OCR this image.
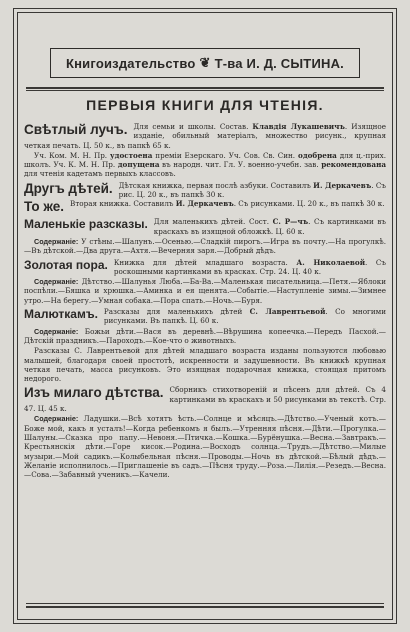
Книгоиздательство ❦ Т-ва И. Д. СЫТИНА.
ПЕРВЫЯ КНИГИ ДЛЯ ЧТЕНІЯ.
Свѣтлый лучъ. Для семьи и школы. Состав. Клавдія Лукашевичъ. Изящное изданіе, обильный матеріалъ, множество рисунк., крупная четкая печать. Ц. 50 к., въ папкѣ 65 к.
Уч. Ком. М. Н. Пр. удостоена преміи Езерскаго. Уч. Сов. Св. Син. одобрена для ц.-прих. школъ. Уч. К. М. Н. Пр. допущена въ народн. чит. Гл. У. военно-учебн. зав. рекомендована для чтенія кадетамъ первыхъ классовъ.
Другъ дѣтей. Дѣтская книжка, первая послѣ азбуки. Составилъ И. Деркачевъ. Съ рис. Ц. 20 к., въ папкѣ 30 к.
То же. Вторая книжка. Составилъ И. Деркачевъ. Съ рисунками. Ц. 20 к., въ папкѣ 30 к.
Маленькіе разсказы. Для маленькихъ дѣтей. Сост. С. Р—чъ. Съ картинками въ краскахъ въ изящной обложкѣ. Ц. 60 к.
Содержаніе: У стѣны.—Шалунъ.—Осенью.—Сладкій пирогъ.—Игра въ почту.—На прогулкѣ.—Въ дѣтской.—Два друга.—Ахтя.—Вечерняя заря.—Добрый дѣдъ.
Золотая пора. Книжка для дѣтей младшаго возраста. А. Николаевой. Съ роскошными картинками въ красках. Стр. 24. Ц. 40 к.
Содержаніе: Дѣтство.—Шалунья Люба.—Ба-Ва.—Маленькая писательница.—Петя.—Яблоки поспѣли.—Бяшка и хрюшка.—Аминка и ея щенята.—Событіе.—Наступленіе зимы.—Зимнее утро.—На берегу.—Умная собака.—Пора спать.—Ночь.—Буря.
Малюткамъ. Разсказы для маленькихъ дѣтей С. Лаврентьевой. Со многими рисунками. Въ папкѣ. Ц. 60 к.
Содержаніе: Божьи дѣти.—Вася въ деревнѣ.—Вѣрушина копеечка.—Передъ Пасхой.—Дѣтскій праздникъ.—Пароходъ.—Кое-что о животныхъ.
Разсказы С. Лаврентьевой для дѣтей младшаго возраста изданы пользуются любовью малышей, благодаря своей простотѣ, искренности и задушевности. Въ книжкѣ крупная четкая печать, масса рисунковъ. Это изящная подарочная книжка, стоящая притомъ недорого.
Изъ милаго дѣтства. Сборникъ стихотвореній и пѣсенъ для дѣтей. Съ 4 картинками въ краскахъ и 50 рисунками въ текстѣ. Стр. 47. Ц. 45 к.
Содержаніе: Ладушки.—Всѣ хотятъ ѣсть.—Солнце и мѣсяцъ.—Дѣтство.—Ученый котъ.—Боже мой, какъ я усталъ!—Когда ребенкомъ я былъ.—Утренняя пѣсня.—Дѣти.—Прогулка.—Шалуны.—Сказка про папу.—Невоня.—Птичка.—Кошка.—Бурёнушка.—Весна.—Завтракъ.—Крестьянскія дѣти.—Горе кисок.—Родина.—Восходъ солнца.—Трудъ.—Дѣтство.—Милые музыри.—Мой садикъ.—Колыбельная пѣсня.—Проводы.—Ночь въ дѣтской.—Бѣлый дѣдъ.—Желаніе исполнилось.—Приглашеніе въ садъ.—Пѣсня труду.—Роза.—Лилія.—Резедъ.—Весна.—Сова.—Забавный ученикъ.—Качели.
